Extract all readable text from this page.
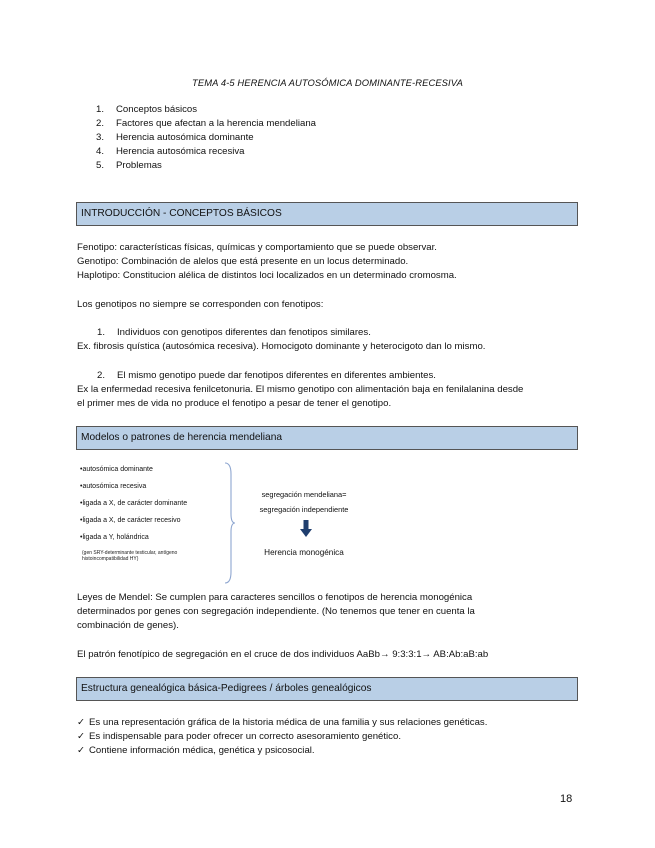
TEMA 4-5 HERENCIA AUTOSÓMICA DOMINANTE-RECESIVA
1. Conceptos básicos
2. Factores que afectan a la herencia mendeliana
3. Herencia autosómica dominante
4. Herencia autosómica recesiva
5. Problemas
INTRODUCCIÓN - CONCEPTOS BÁSICOS
Fenotipo: características físicas, químicas y comportamiento que se puede observar.
Genotipo: Combinación de alelos que está presente en un locus determinado.
Haplotipo: Constitucion alélica de distintos loci localizados en un determinado cromosma.
Los genotipos no siempre se corresponden con fenotipos:
1. Individuos con genotipos diferentes dan fenotipos similares.
Ex. fibrosis quística (autosómica recesiva). Homocigoto dominante y heterocigoto dan lo mismo.
2. El mismo genotipo puede dar fenotipos diferentes en diferentes ambientes.
Ex la enfermedad recesiva fenilcetonuria. El mismo genotipo con alimentación baja en fenilalanina desde
el primer mes de vida no produce el fenotipo a pesar de tener el genotipo.
Modelos o patrones de herencia mendeliana
•autosómica dominante
•autosómica recesiva
•ligada a X, de carácter dominante
•ligada a X, de carácter recesivo
•ligada a Y, holándrica
(gen SRY-determinante testicular, antígeno
histoincompatibilidad HY)
segregación mendeliana=
segregación independiente
Herencia monogénica
Leyes de Mendel: Se cumplen para caracteres sencillos o fenotipos de herencia monogénica
determinados por genes con segregación independiente. (No tenemos que tener en cuenta la
combinación de genes).
El patrón fenotípico de segregación en el cruce de dos individuos AaBb→ 9:3:3:1→ AB:Ab:aB:ab
Estructura genealógica básica-Pedigrees / árboles genealógicos
✓ Es una representación gráfica de la historia médica de una familia y sus relaciones genéticas.
✓ Es indispensable para poder ofrecer un correcto asesoramiento genético.
✓ Contiene información médica, genética y psicosocial.
18
